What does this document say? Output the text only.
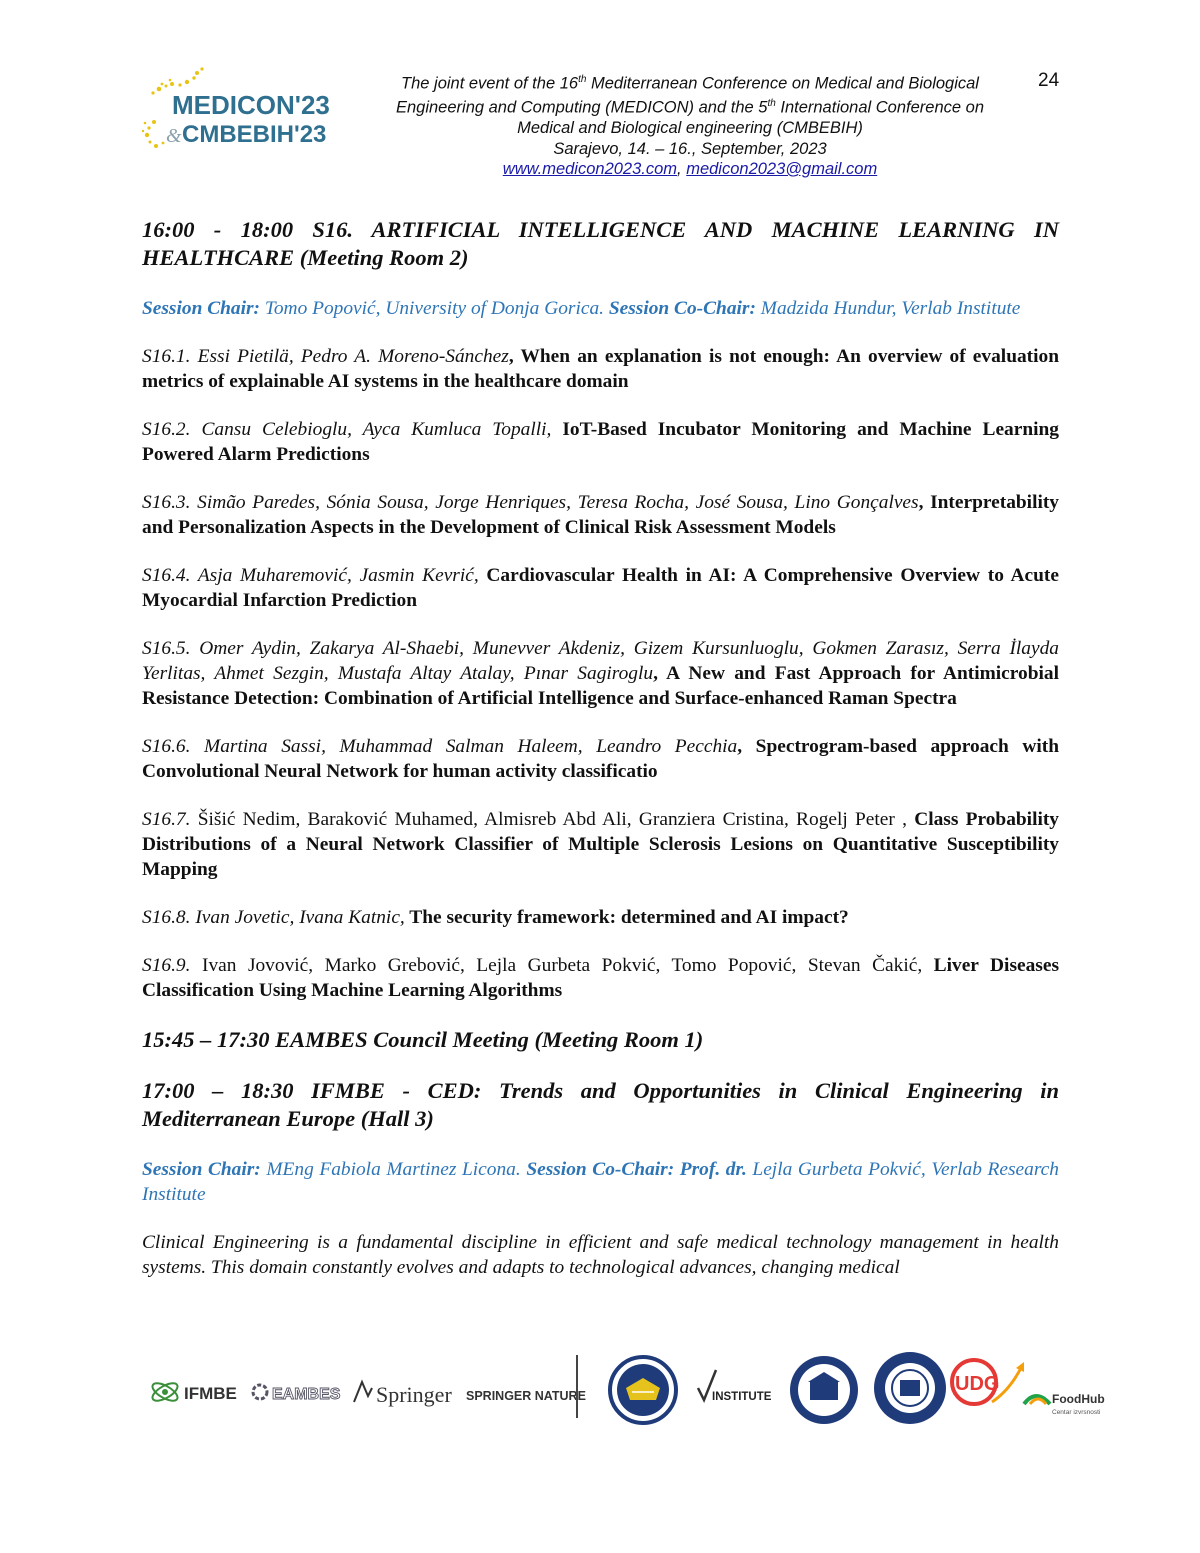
MEDICON'23
& CMBEBIH'23
The joint event of the 16th Mediterranean Conference on Medical and Biological
Engineering and Computing (MEDICON) and the 5th International Conference on
Medical and Biological engineering (CMBEBIH)
Sarajevo, 14. – 16., September, 2023
www.medicon2023.com, medicon2023@gmail.com
24

16:00 - 18:00 S16. ARTIFICIAL INTELLIGENCE AND MACHINE LEARNING IN HEALTHCARE (Meeting Room 2)

Session Chair: Tomo Popović, University of Donja Gorica. Session Co-Chair: Madzida Hundur, Verlab Institute

S16.1. Essi Pietilä, Pedro A. Moreno-Sánchez, When an explanation is not enough: An overview of evaluation metrics of explainable AI systems in the healthcare domain

S16.2. Cansu Celebioglu, Ayca Kumluca Topalli, IoT-Based Incubator Monitoring and Machine Learning Powered Alarm Predictions

S16.3. Simão Paredes, Sónia Sousa, Jorge Henriques, Teresa Rocha, José Sousa, Lino Gonçalves, Interpretability and Personalization Aspects in the Development of Clinical Risk Assessment Models

S16.4. Asja Muharemović, Jasmin Kevrić, Cardiovascular Health in AI: A Comprehensive Overview to Acute Myocardial Infarction Prediction

S16.5. Omer Aydin, Zakarya Al-Shaebi, Munevver Akdeniz, Gizem Kursunluoglu, Gokmen Zarasız, Serra İlayda Yerlitas, Ahmet Sezgin, Mustafa Altay Atalay, Pınar Sagiroglu, A New and Fast Approach for Antimicrobial Resistance Detection: Combination of Artificial Intelligence and Surface-enhanced Raman Spectra

S16.6. Martina Sassi, Muhammad Salman Haleem, Leandro Pecchia, Spectrogram-based approach with Convolutional Neural Network for human activity classificatio

S16.7. Šišić Nedim, Baraković Muhamed, Almisreb Abd Ali, Granziera Cristina, Rogelj Peter , Class Probability Distributions of a Neural Network Classifier of Multiple Sclerosis Lesions on Quantitative Susceptibility Mapping

S16.8. Ivan Jovetic, Ivana Katnic, The security framework: determined and AI impact?

S16.9. Ivan Jovović, Marko Grebović, Lejla Gurbeta Pokvić, Tomo Popović, Stevan Čakić, Liver Diseases Classification Using Machine Learning Algorithms

15:45 – 17:30 EAMBES Council Meeting (Meeting Room 1)

17:00 – 18:30 IFMBE - CED: Trends and Opportunities in Clinical Engineering in Mediterranean Europe (Hall 3)

Session Chair: MEng Fabiola Martinez Licona. Session Co-Chair: Prof. dr. Lejla Gurbeta Pokvić, Verlab Research Institute

Clinical Engineering is a fundamental discipline in efficient and safe medical technology management in health systems. This domain constantly evolves and adapts to technological advances, changing medical

IFMBE EAMBES Springer SPRINGER NATURE	INSTITUTE
UDG
FoodHub
Centar izvrsnosti
